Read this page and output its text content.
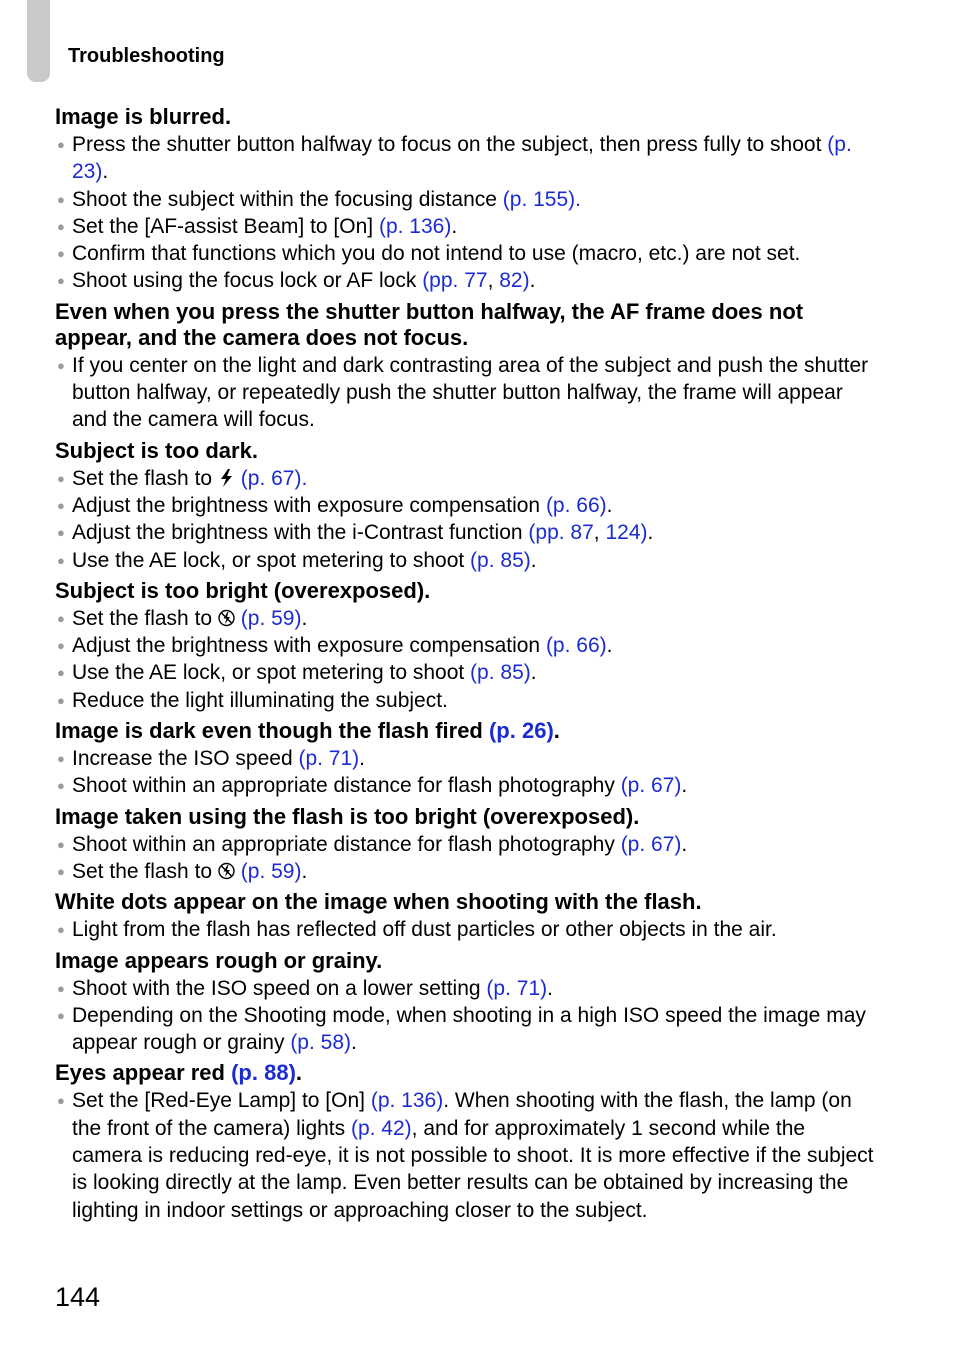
Troubleshooting
Image is blurred.
● Press the shutter button halfway to focus on the subject, then press fully to shoot (p. 23).
● Shoot the subject within the focusing distance (p. 155).
● Set the [AF-assist Beam] to [On] (p. 136).
● Confirm that functions which you do not intend to use (macro, etc.) are not set.
● Shoot using the focus lock or AF lock (pp. 77, 82).
Even when you press the shutter button halfway, the AF frame does not appear, and the camera does not focus.
● If you center on the light and dark contrasting area of the subject and push the shutter button halfway, or repeatedly push the shutter button halfway, the frame will appear and the camera will focus.
Subject is too dark.
● Set the flash to  (p. 67).
● Adjust the brightness with exposure compensation (p. 66).
● Adjust the brightness with the i-Contrast function (pp. 87, 124).
● Use the AE lock, or spot metering to shoot (p. 85).
Subject is too bright (overexposed).
● Set the flash to  (p. 59).
● Adjust the brightness with exposure compensation (p. 66).
● Use the AE lock, or spot metering to shoot (p. 85).
● Reduce the light illuminating the subject.
Image is dark even though the flash fired (p. 26).
● Increase the ISO speed (p. 71).
● Shoot within an appropriate distance for flash photography (p. 67).
Image taken using the flash is too bright (overexposed).
● Shoot within an appropriate distance for flash photography (p. 67).
● Set the flash to  (p. 59).
White dots appear on the image when shooting with the flash.
● Light from the flash has reflected off dust particles or other objects in the air.
Image appears rough or grainy.
● Shoot with the ISO speed on a lower setting (p. 71).
● Depending on the Shooting mode, when shooting in a high ISO speed the image may appear rough or grainy (p. 58).
Eyes appear red (p. 88).
● Set the [Red-Eye Lamp] to [On] (p. 136). When shooting with the flash, the lamp (on the front of the camera) lights (p. 42), and for approximately 1 second while the camera is reducing red-eye, it is not possible to shoot. It is more effective if the subject is looking directly at the lamp. Even better results can be obtained by increasing the lighting in indoor settings or approaching closer to the subject.
144
